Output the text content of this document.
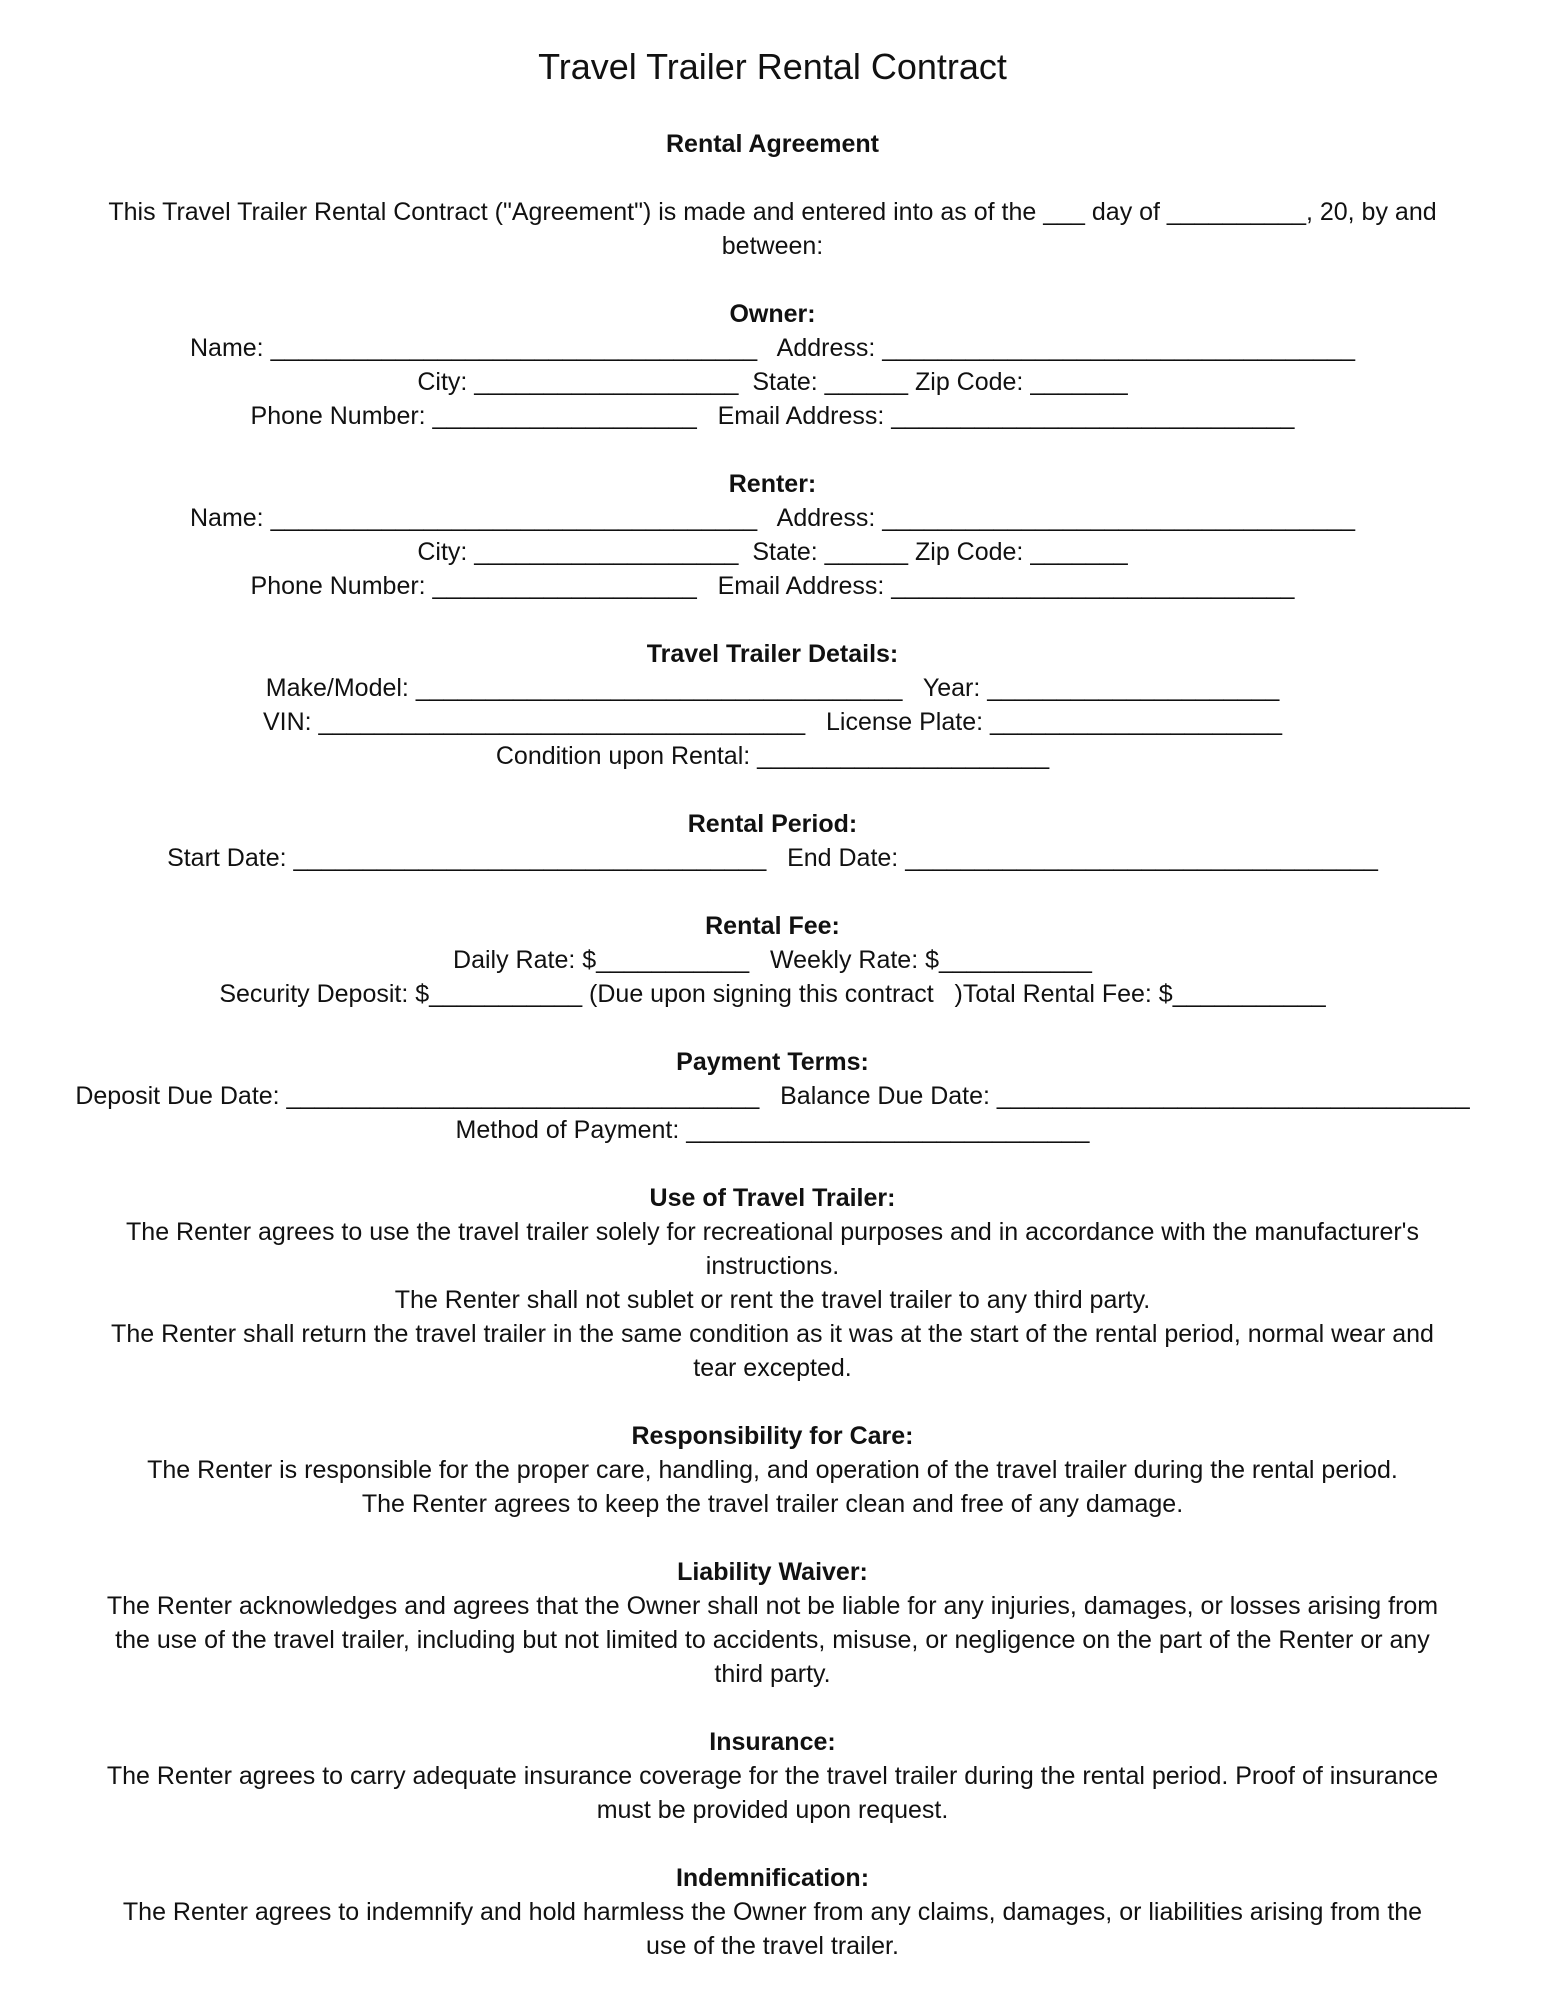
Travel Trailer Rental Contract
Rental Agreement
This Travel Trailer Rental Contract ("Agreement") is made and entered into as of the ___ day of __________, 20, by and
between:
Owner:
Name: ___________________________________   Address: __________________________________
City: ___________________  State: ______ Zip Code: _______
Phone Number: ___________________   Email Address: _____________________________
Renter:
Name: ___________________________________   Address: __________________________________
City: ___________________  State: ______ Zip Code: _______
Phone Number: ___________________   Email Address: _____________________________
Travel Trailer Details:
Make/Model: ___________________________________   Year: _____________________
VIN: ___________________________________   License Plate: _____________________
Condition upon Rental: _____________________
Rental Period:
Start Date: __________________________________   End Date: __________________________________
Rental Fee:
Daily Rate: $___________   Weekly Rate: $___________
Security Deposit: $___________ (Due upon signing this contract   )Total Rental Fee: $___________
Payment Terms:
Deposit Due Date: __________________________________   Balance Due Date: __________________________________
Method of Payment: _____________________________
Use of Travel Trailer:
The Renter agrees to use the travel trailer solely for recreational purposes and in accordance with the manufacturer's
instructions.
The Renter shall not sublet or rent the travel trailer to any third party.
The Renter shall return the travel trailer in the same condition as it was at the start of the rental period, normal wear and
tear excepted.
Responsibility for Care:
The Renter is responsible for the proper care, handling, and operation of the travel trailer during the rental period.
The Renter agrees to keep the travel trailer clean and free of any damage.
Liability Waiver:
The Renter acknowledges and agrees that the Owner shall not be liable for any injuries, damages, or losses arising from
the use of the travel trailer, including but not limited to accidents, misuse, or negligence on the part of the Renter or any
third party.
Insurance:
The Renter agrees to carry adequate insurance coverage for the travel trailer during the rental period. Proof of insurance
must be provided upon request.
Indemnification:
The Renter agrees to indemnify and hold harmless the Owner from any claims, damages, or liabilities arising from the
use of the travel trailer.
